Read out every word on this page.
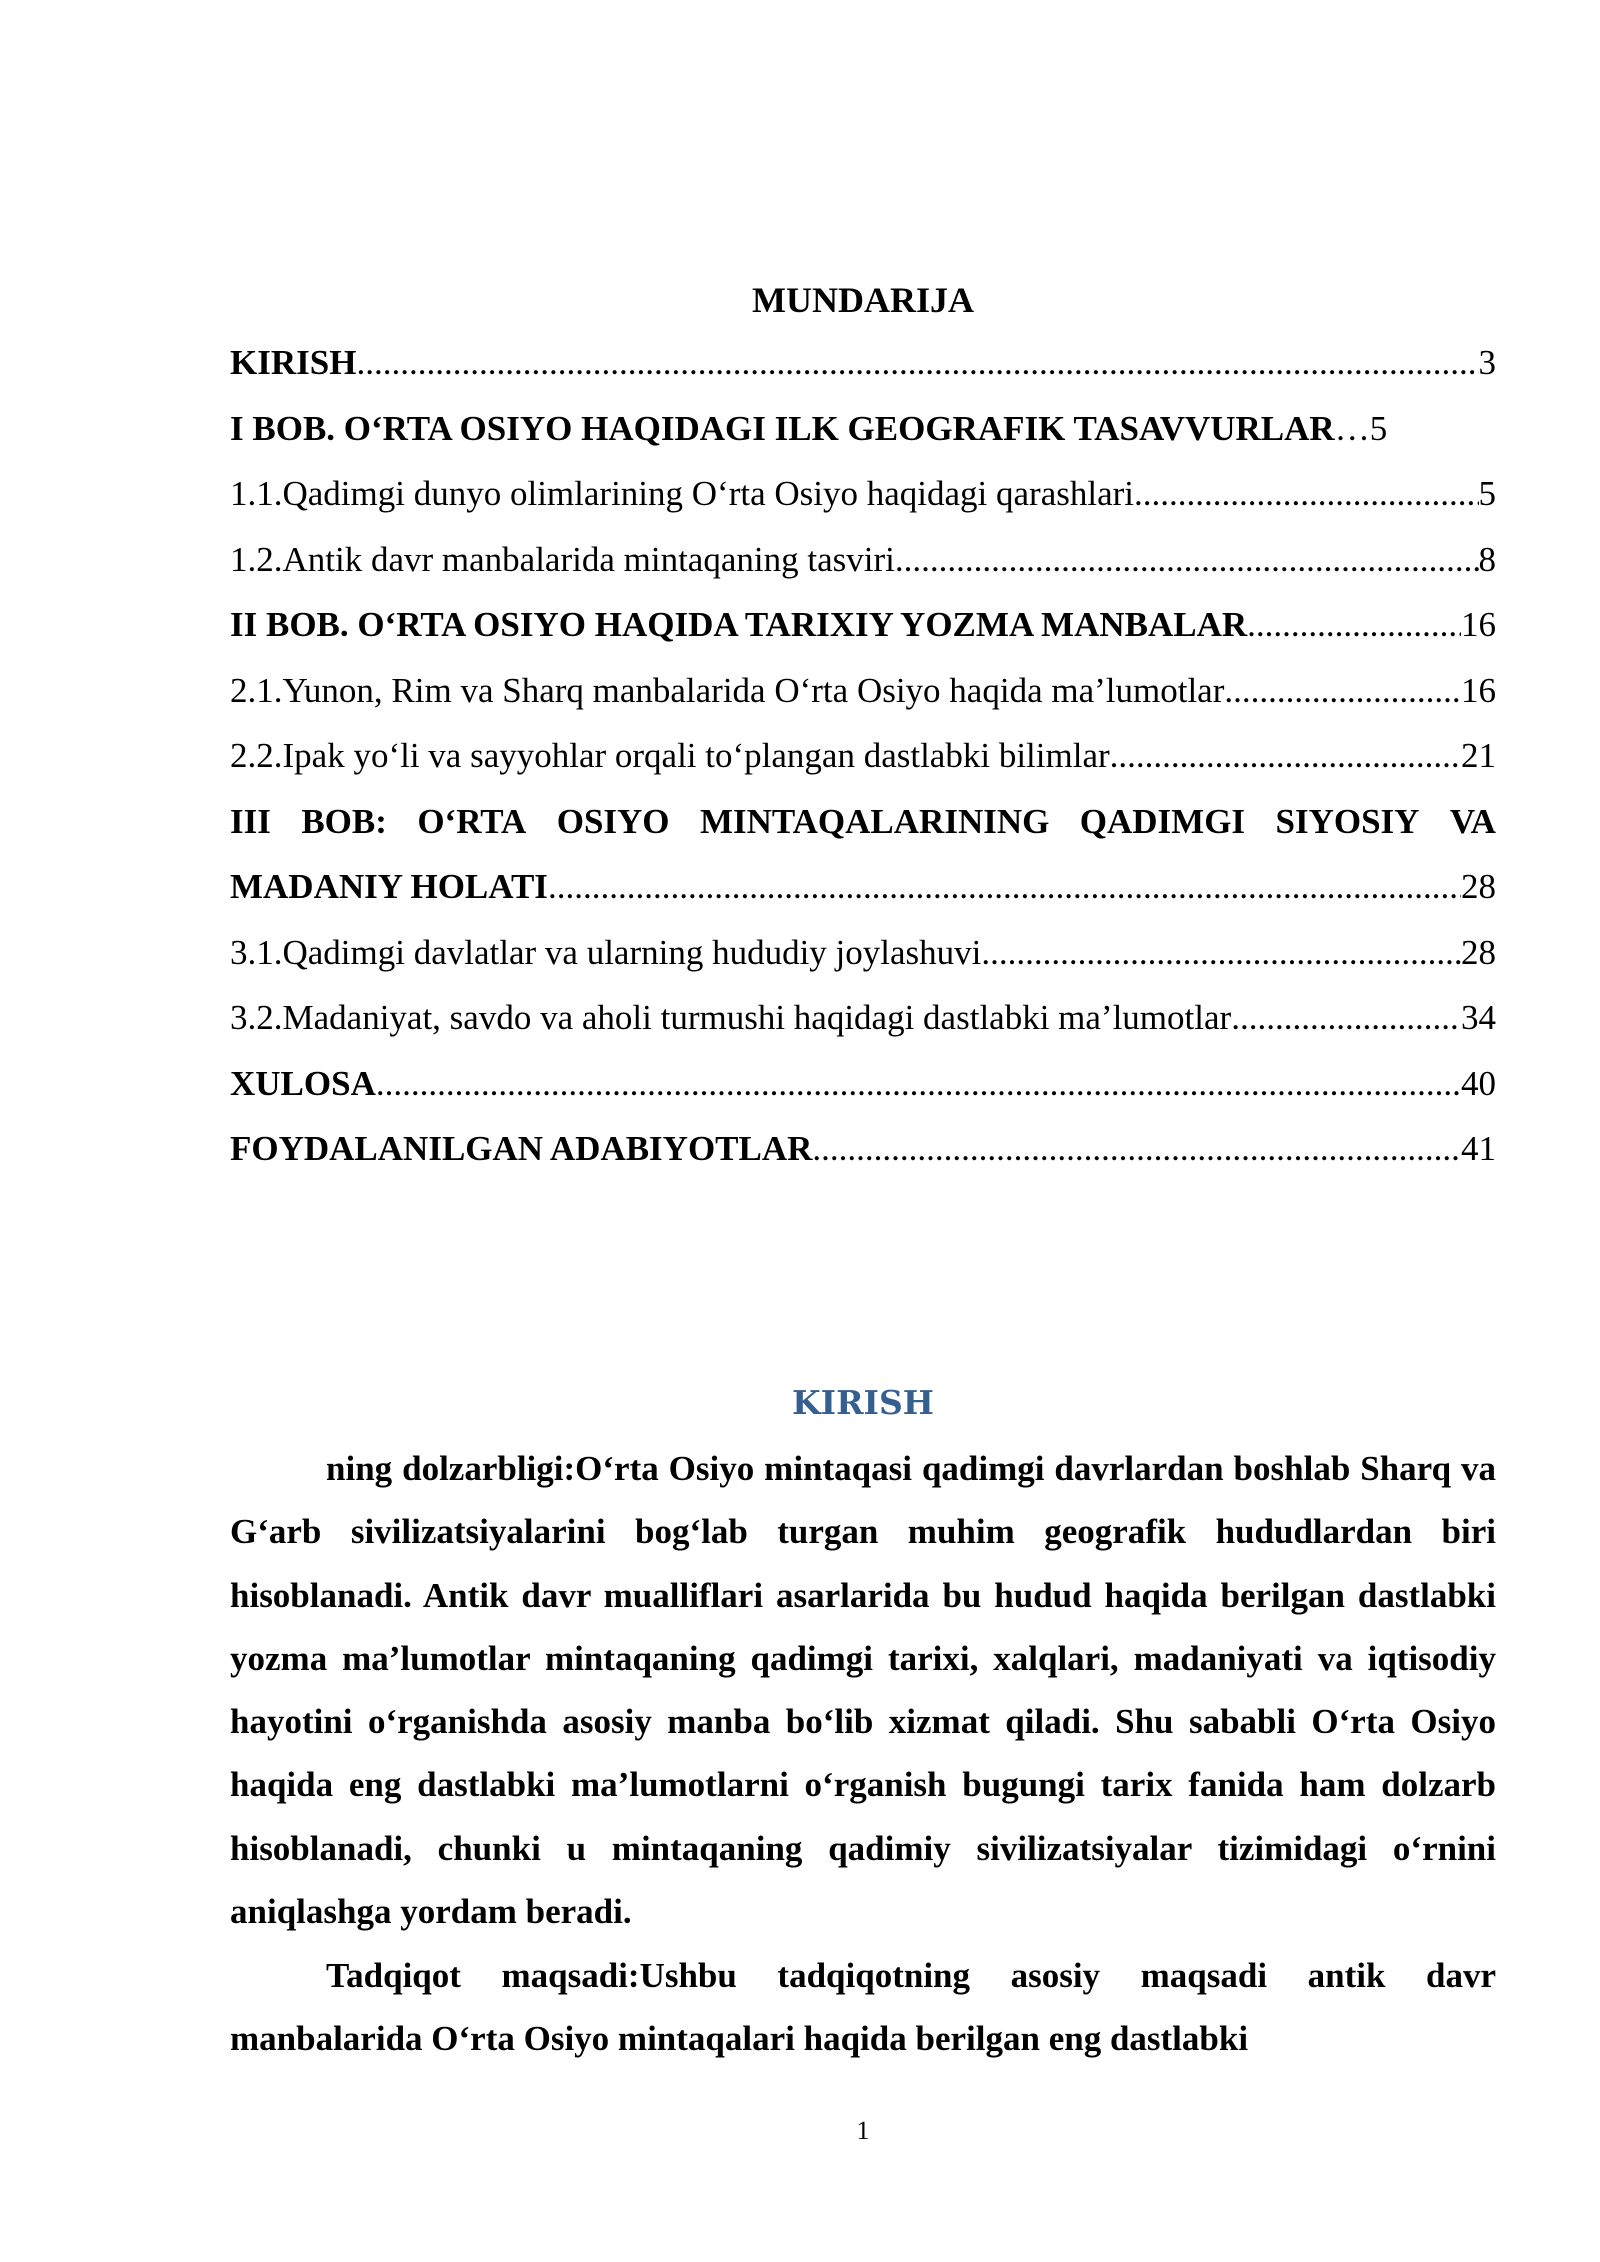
MUNDARIJA
KIRISH .....	3
I BOB. O‘RTA OSIYO HAQIDAGI ILK GEOGRAFIK TASAVVURLAR …5
1.1.Qadimgi dunyo olimlarining O‘rta Osiyo haqidagi qarashlari .....	5
1.2.Antik davr manbalarida mintaqaning tasviri .....	8
II BOB. O‘RTA OSIYO HAQIDA TARIXIY YOZMA MANBALAR .....	16
2.1.Yunon, Rim va Sharq manbalarida O‘rta Osiyo haqida ma’lumotlar .....	16
2.2.Ipak yo‘li va sayyohlar orqali to‘plangan dastlabki bilimlar .....	21
III BOB: O‘RTA OSIYO MINTAQALARINING QADIMGI SIYOSIY VA
MADANIY HOLATI .....	28
3.1.Qadimgi davlatlar va ularning hududiy joylashuvi .....	28
3.2.Madaniyat, savdo va aholi turmushi haqidagi dastlabki ma’lumotlar .....	34
XULOSA .....	40
FOYDALANILGAN ADABIYOTLAR .....	41
KIRISH

ning dolzarbligi:O‘rta Osiyo mintaqasi qadimgi davrlardan boshlab Sharq va G‘arb sivilizatsiyalarini bog‘lab turgan muhim geografik hududlardan biri hisoblanadi. Antik davr mualliflari asarlarida bu hudud haqida berilgan dastlabki yozma ma’lumotlar mintaqaning qadimgi tarixi, xalqlari, madaniyati va iqtisodiy hayotini o‘rganishda asosiy manba bo‘lib xizmat qiladi. Shu sababli O‘rta Osiyo haqida eng dastlabki ma’lumotlarni o‘rganish bugungi tarix fanida ham dolzarb hisoblanadi, chunki u mintaqaning qadimiy sivilizatsiyalar tizimidagi o‘rnini aniqlashga yordam beradi.

Tadqiqot maqsadi:Ushbu tadqiqotning asosiy maqsadi antik davr manbalarida O‘rta Osiyo mintaqalari haqida berilgan eng dastlabki

1
